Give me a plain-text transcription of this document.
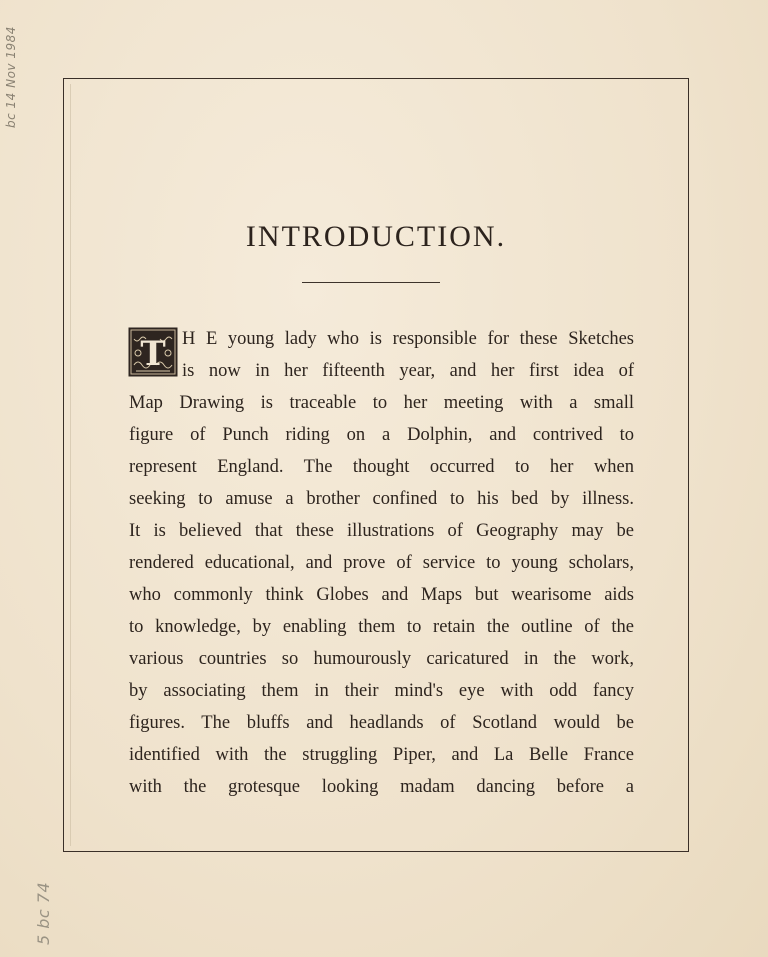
bc 14 Nov 1984
5 bc 74
INTRODUCTION.
T H E young lady who is responsible for these Sketches
is now in her fifteenth year, and her first idea of
Map Drawing is traceable to her meeting with a small
figure of Punch riding on a Dolphin, and contrived to
represent England. The thought occurred to her when
seeking to amuse a brother confined to his bed by illness.
It is believed that these illustrations of Geography may be
rendered educational, and prove of service to young scholars,
who commonly think Globes and Maps but wearisome aids
to knowledge, by enabling them to retain the outline of the
various countries so humourously caricatured in the work,
by associating them in their mind's eye with odd fancy
figures. The bluffs and headlands of Scotland would be
identified with the struggling Piper, and La Belle France
with the grotesque looking madam dancing before a
